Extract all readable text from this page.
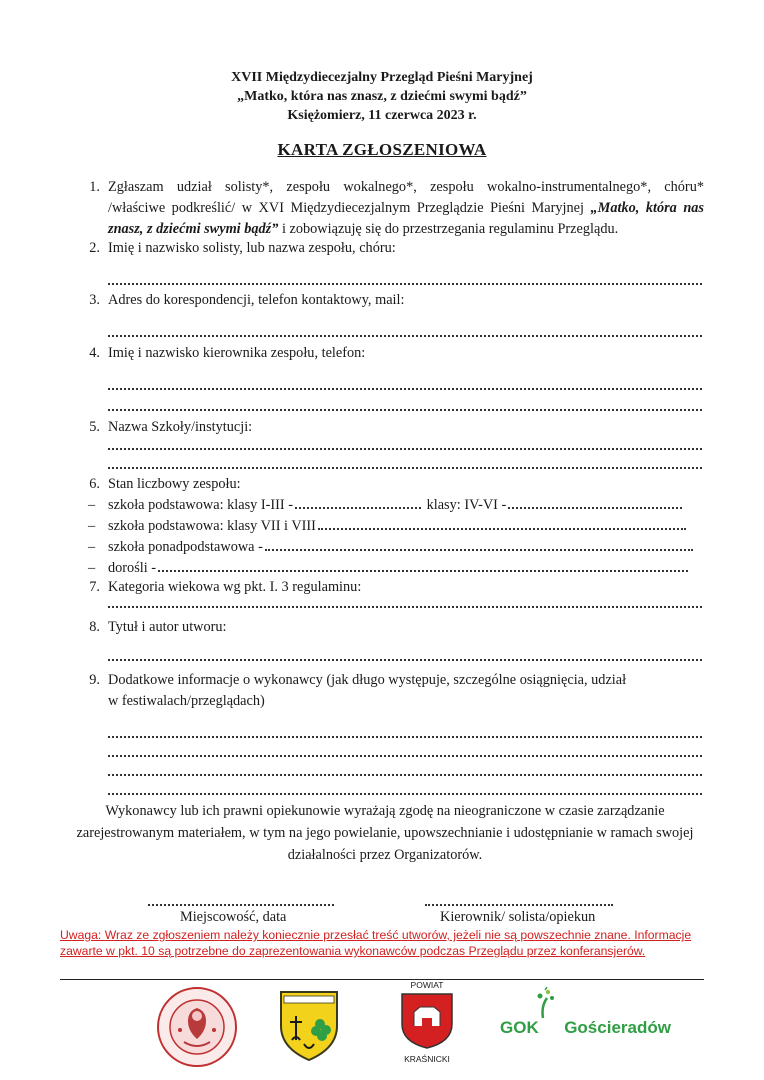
XVII Międzydiecezjalny Przegląd Pieśni Maryjnej
„Matko, która nas znasz, z dziećmi swymi bądź”
Księżomierz, 11 czerwca 2023 r.
KARTA ZGŁOSZENIOWA
1. Zgłaszam udział solisty*, zespołu wokalnego*, zespołu wokalno-instrumentalnego*, chóru*
/właściwe podkreślić/ w XVI Międzydiecezjalnym Przeglądzie Pieśni Maryjnej „Matko, która nas
znasz, z dziećmi swymi bądź” i zobowiązuję się do przestrzegania regulaminu Przeglądu.
2. Imię i nazwisko solisty, lub nazwa zespołu, chóru:
3. Adres do korespondencji, telefon kontaktowy, mail:
4. Imię i nazwisko kierownika zespołu, telefon:
5. Nazwa Szkoły/instytucji:
6. Stan liczbowy zespołu:
– szkoła podstawowa: klasy I-III -	klasy: IV-VI -
– szkoła podstawowa: klasy VII i VIII
– szkoła ponadpodstawowa -
– dorośli -
7. Kategoria wiekowa wg pkt. I. 3 regulaminu:
8. Tytuł i autor utworu:
9. Dodatkowe informacje o wykonawcy (jak długo występuje, szczególne osiągnięcia, udział
w festiwalach/przeglądach)
Wykonawcy lub ich prawni opiekunowie wyrażają zgodę na nieograniczone w czasie zarządzanie zarejestrowanym materiałem, w tym na jego powielanie, upowszechnianie i udostępnianie w ramach swojej działalności przez Organizatorów.
Miejscowość, data	Kierownik/ solista/opiekun
Uwaga: Wraz ze zgłoszeniem należy koniecznie przesłać treść utworów, jeżeli nie są powszechnie znane. Informacje
zawarte w pkt. 10 są potrzebne do zaprezentowania wykonawców podczas Przeglądu przez konferansjerów.
POWIAT
KRAŚNICKI
GOK Gościeradów
